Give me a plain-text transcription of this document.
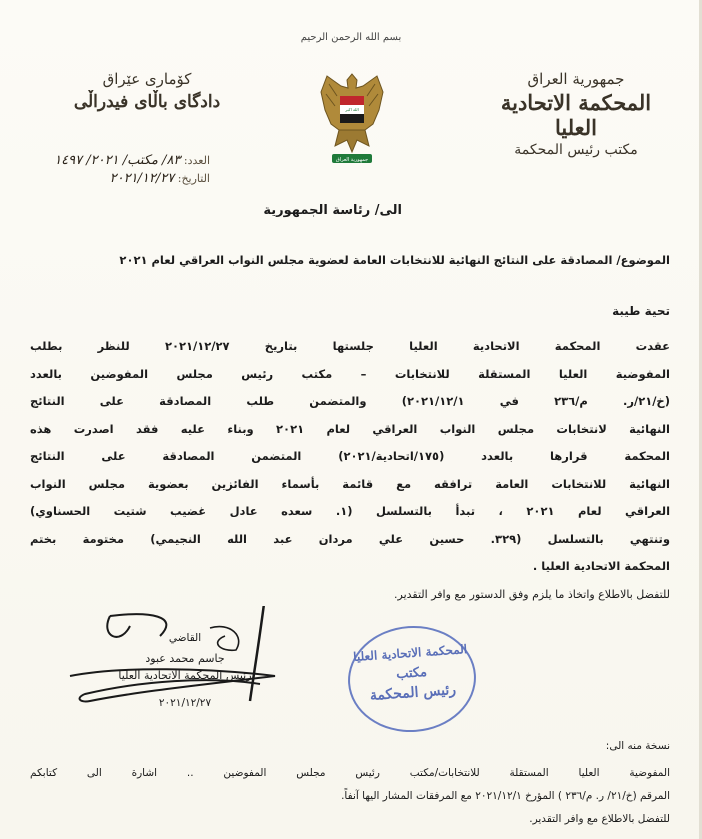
بسم الله الرحمن الرحيم
جمهورية العراق
المحكمة الاتحادية العليا
مكتب رئيس المحكمة
كۆماری عێراق
دادگای باڵای فیدراڵی
العدد: ٨٣/ مكتب/ ٢٠٢١/ ١٤٩٧
التاريخ: ٢٠٢١/١٢/٢٧
الله اكبر
جمهورية العراق
الى/ رئاسة الجمهورية
الموضوع/ المصادقة على النتائج النهائية للانتخابات العامة لعضوية مجلس النواب العراقي لعام ٢٠٢١
تحية طيبة
عقدت المحكمة الاتحادية العليا جلستها بتاريخ ٢٠٢١/١٢/٢٧ للنظر بطلب
المفوضية العليا المستقلة للانتخابات – مكتب رئيس مجلس المفوضين بالعدد
(خ/٢١/ر. م/٢٣٦ في ٢٠٢١/١٢/١) والمتضمن طلب المصادقة على النتائج
النهائية لانتخابات مجلس النواب العراقي لعام ٢٠٢١ وبناء عليه فقد اصدرت هذه
المحكمة قرارها بالعدد (١٧٥/اتحادية/٢٠٢١) المتضمن المصادقة على النتائج
النهائية للانتخابات العامة ترافقه مع قائمة بأسماء الفائزين بعضوية مجلس النواب
العراقي لعام ٢٠٢١ ، تبدأ بالتسلسل (١. سعده عادل غضيب شتيت الحسناوي)
وتنتهي بالتسلسل (٣٢٩. حسين علي مردان عبد الله النجيمي) مختومة بختم
المحكمة الاتحادية العليا .
للتفضل بالاطلاع واتخاذ ما يلزم وفق الدستور مع وافر التقدير.
القاضي
جاسم محمد عبود
رئيس المحكمة الاتحادية العليا
٢٠٢١/١٢/٢٧
المحكمة الاتحادية العليا
مكتب
رئيس المحكمة
نسخة منه الى:
المفوضية العليا المستقلة للانتخابات/مكتب رئيس مجلس المفوضين .. اشارة الى كتابكم
المرقم (خ/٢١/ ر. م/٢٣٦ ) المؤرخ ٢٠٢١/١٢/١ مع المرفقات المشار اليها آنفاً.
للتفضل بالاطلاع مع وافر التقدير.
